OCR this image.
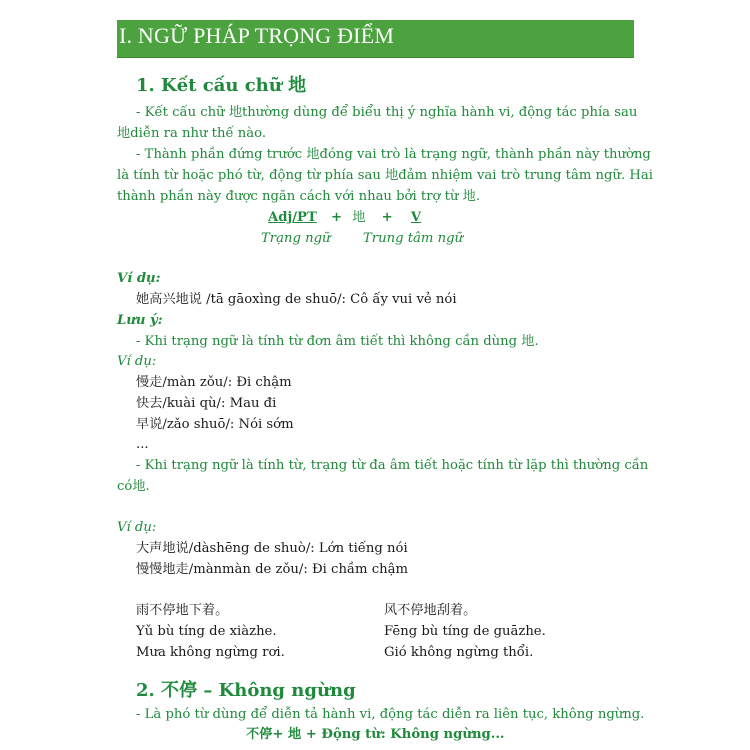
I. NGỮ PHÁP TRỌNG ĐIỂM
1. Kết cấu chữ 地
- Kết cấu chữ 地thường dùng để biểu thị ý nghĩa hành vi, động tác phía sau
地diễn ra như thế nào.
- Thành phần đứng trước 地đóng vai trò là trạng ngữ, thành phần này thường
là tính từ hoặc phó từ, động từ phía sau 地đảm nhiệm vai trò trung tâm ngữ. Hai
thành phần này được ngăn cách với nhau bởi trợ từ 地.
Adj/PT + 地 + V
Trạng ngữ Trung tâm ngữ
Ví dụ:
她高兴地说 /tā gāoxìng de shuō/: Cô ấy vui vẻ nói
Lưu ý:
- Khi trạng ngữ là tính từ đơn âm tiết thì không cần dùng 地.
Ví dụ:
慢走/màn zǒu/: Đi chậm
快去/kuài qù/: Mau đi
早说/zǎo shuō/: Nói sớm
...
- Khi trạng ngữ là tính từ, trạng từ đa âm tiết hoặc tính từ lặp thì thường cần
có地.
Ví dụ:
大声地说/dàshēng de shuò/: Lớn tiếng nói
慢慢地走/mànmàn de zǒu/: Đi chầm chậm
雨不停地下着。
Yǔ bù tíng de xiàzhe.
Mưa không ngừng rơi.
风不停地刮着。
Fēng bù tíng de guāzhe.
Gió không ngừng thổi.
2. 不停 – Không ngừng
- Là phó từ dùng để diễn tả hành vi, động tác diễn ra liên tục, không ngừng.
不停+ 地 + Động từ: Không ngừng...
